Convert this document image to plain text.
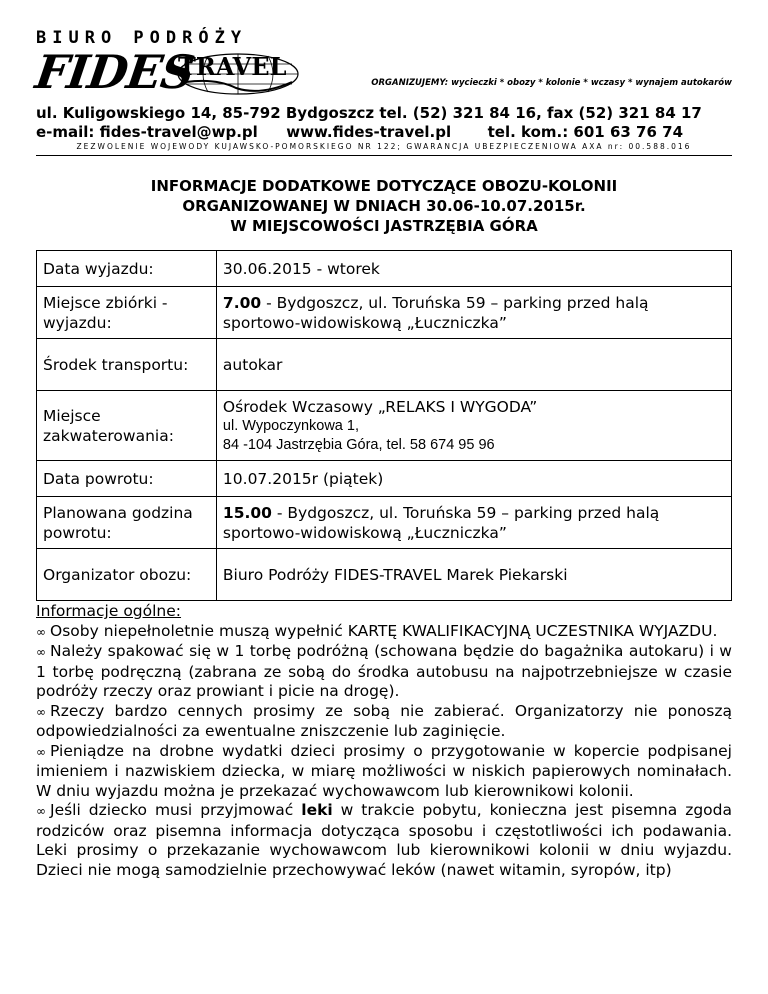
BIURO PODRÓŻY
FIDES
TRAVEL
ORGANIZUJEMY: wycieczki * obozy * kolonie * wczasy * wynajem autokarów
ul. Kuligowskiego 14, 85-792 Bydgoszcz tel. (52) 321 84 16, fax (52) 321 84 17
e-mail: fides-travel@wp.pl www.fides-travel.pl tel. kom.: 601 63 76 74
ZEZWOLENIE WOJEWODY KUJAWSKO-POMORSKIEGO NR 122; GWARANCJA UBEZPIECZENIOWA AXA nr: 00.588.016
INFORMACJE DODATKOWE DOTYCZĄCE OBOZU-KOLONII
ORGANIZOWANEJ W DNIACH 30.06-10.07.2015r.
W MIEJSCOWOŚCI JASTRZĘBIA GÓRA
Data wyjazdu:	30.06.2015 - wtorek
Miejsce zbiórki - wyjazdu:	7.00 - Bydgoszcz, ul. Toruńska 59 – parking przed halą sportowo-widowiskową „Łuczniczka”
Środek transportu:	autokar
Miejsce zakwaterowania:	Ośrodek Wczasowy „RELAKS I WYGODA”
ul. Wypoczynkowa 1,
84 -104 Jastrzębia Góra, tel. 58 674 95 96

Data powrotu:	10.07.2015r (piątek)
Planowana godzina powrotu:	15.00 - Bydgoszcz, ul. Toruńska 59 – parking przed halą sportowo-widowiskową „Łuczniczka”
Organizator obozu:	Biuro Podróży FIDES-TRAVEL Marek Piekarski
Informacje ogólne:

∞ Osoby niepełnoletnie muszą wypełnić KARTĘ KWALIFIKACYJNĄ UCZESTNIKA WYJAZDU.

∞ Należy spakować się w 1 torbę podróżną (schowana będzie do bagażnika autokaru) i w 1 torbę podręczną (zabrana ze sobą do środka autobusu na najpotrzebniejsze w czasie podróży rzeczy oraz prowiant i picie na drogę).

∞ Rzeczy bardzo cennych prosimy ze sobą nie zabierać. Organizatorzy nie ponoszą odpowiedzialności za ewentualne zniszczenie lub zaginięcie.

∞ Pieniądze na drobne wydatki dzieci prosimy o przygotowanie w kopercie podpisanej imieniem i nazwiskiem dziecka, w miarę możliwości w niskich papierowych nominałach. W dniu wyjazdu można je przekazać wychowawcom lub kierownikowi kolonii.

∞ Jeśli dziecko musi przyjmować leki w trakcie pobytu, konieczna jest pisemna zgoda rodziców oraz pisemna informacja dotycząca sposobu i częstotliwości ich podawania. Leki prosimy o przekazanie wychowawcom lub kierownikowi kolonii w dniu wyjazdu. Dzieci nie mogą samodzielnie przechowywać leków (nawet witamin, syropów, itp)
